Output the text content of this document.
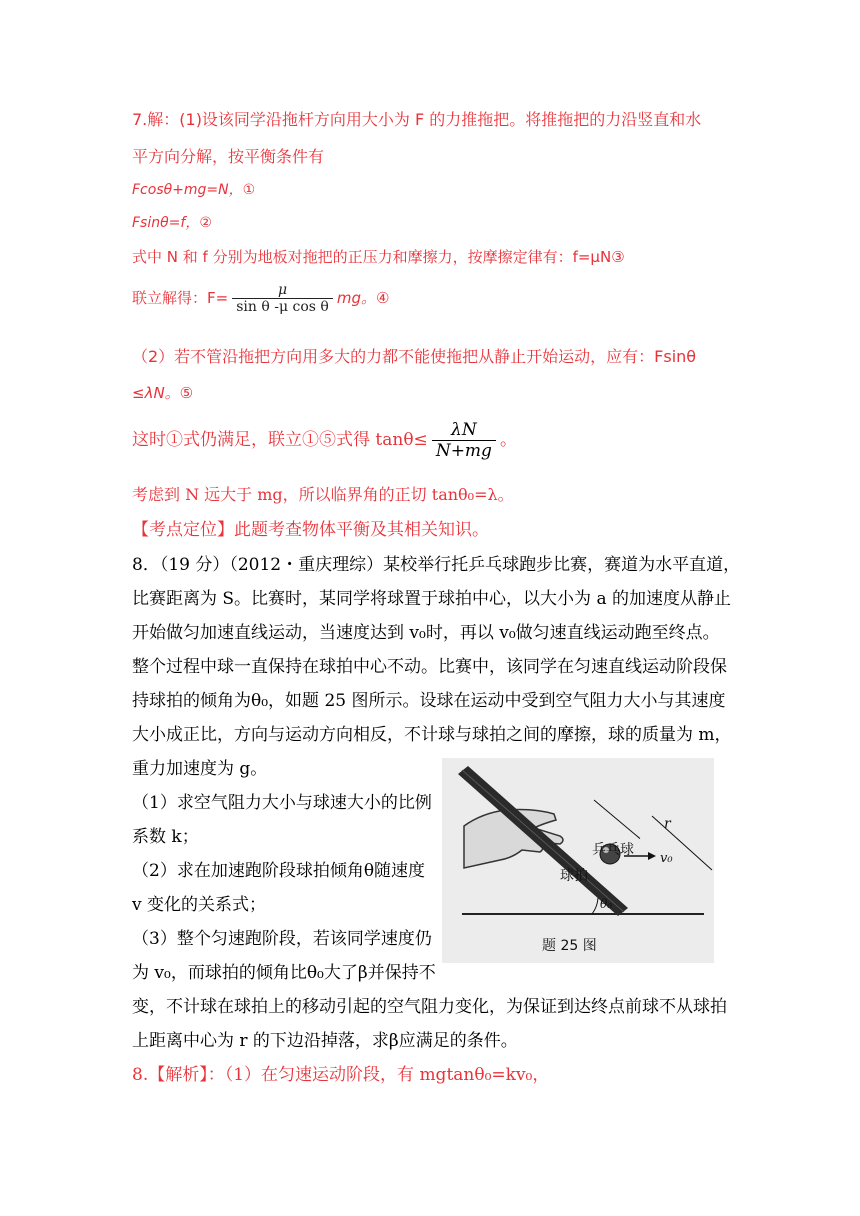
7.解：(1)设该同学沿拖杆方向用大小为 F 的力推拖把。将推拖把的力沿竖直和水
平方向分解，按平衡条件有
Fcosθ+mg=N，①
Fsinθ=f，②
式中 N 和 f 分别为地板对拖把的正压力和摩擦力，按摩擦定律有：f=μN③
联立解得：$F= \frac{\mu}{\text{sin θ -μ cos θ}}$ mg。④
（2）若不管沿拖把方向用多大的力都不能使拖把从静止开始运动，应有：Fsinθ
≤λN。⑤
这时①式仍满足，联立①⑤式得 $\tan\theta\le \frac{\lambda N}{N+mg}$ 。
考虑到 N 远大于 mg，所以临界角的正切 tanθ₀=λ。
【考点定位】此题考查物体平衡及其相关知识。
8．（19 分）（2012・重庆理综）某校举行托乒乓球跑步比赛，赛道为水平直道，
比赛距离为 S。比赛时，某同学将球置于球拍中心，以大小为 a 的加速度从静止
开始做匀加速直线运动，当速度达到 v₀时，再以 v₀做匀速直线运动跑至终点。
整个过程中球一直保持在球拍中心不动。比赛中，该同学在匀速直线运动阶段保
持球拍的倾角为θ₀，如题 25 图所示。设球在运动中受到空气阻力大小与其速度
大小成正比，方向与运动方向相反，不计球与球拍之间的摩擦，球的质量为 m，
重力加速度为 g。
（1）求空气阻力大小与球速大小的比例
系数 k；
（2）求在加速跑阶段球拍倾角θ随速度
v 变化的关系式；
（3）整个匀速跑阶段，若该同学速度仍
为 v₀，而球拍的倾角比θ₀大了β并保持不
变，不计球在球拍上的移动引起的空气阻力变化，为保证到达终点前球不从球拍
上距离中心为 r 的下边沿掉落，求β应满足的条件。
8.【解析】：（1）在匀速运动阶段，有 mgtanθ₀=kv₀，
乒乓球
球拍
r
v₀
θ₀
题 25 图
